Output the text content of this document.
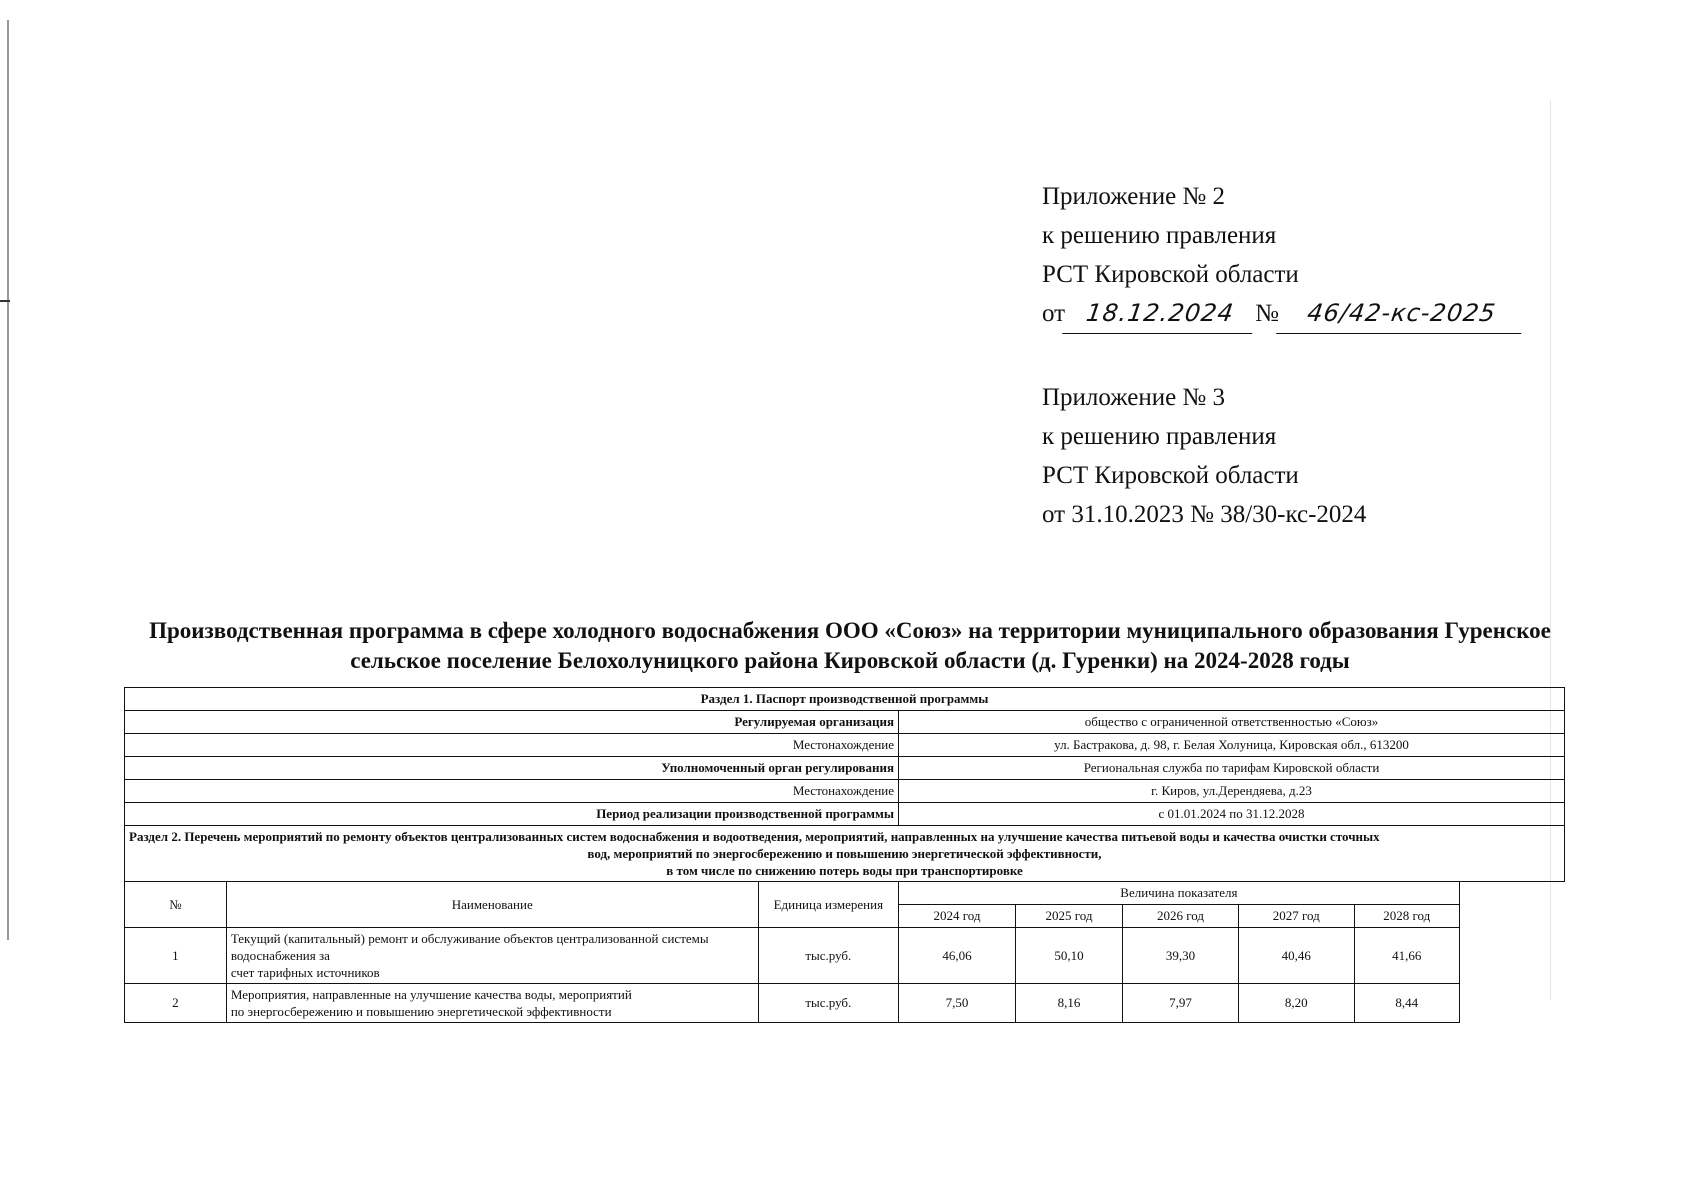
Приложение № 2
к решению правления
РСТ Кировской области
от 18.12.2024 № 46/42-кс-2025
Приложение № 3
к решению правления
РСТ Кировской области
от 31.10.2023 № 38/30-кс-2024
Производственная программа в сфере холодного водоснабжения ООО «Союз» на территории муниципального образования Гуренское
сельское поселение Белохолуницкого района Кировской области (д. Гуренки) на 2024-2028 годы
Раздел 1. Паспорт производственной программы								
Регулируемая организация			общество с ограниченной ответственностью «Союз»					
Местонахождение			ул. Бастракова, д. 98, г. Белая Холуница, Кировская обл., 613200					
Уполномоченный орган регулирования			Региональная служба по тарифам Кировской области					
Местонахождение			г. Киров, ул.Дерендяева, д.23					
Период реализации производственной программы			с 01.01.2024 по 31.12.2028					

Раздел 2. Перечень мероприятий по ремонту объектов централизованных систем водоснабжения и водоотведения, мероприятий, направленных на улучшение качества питьевой воды и качества очистки сточных
вод, мероприятий по энергосбережению и повышению энергетической эффективности,
в том числе по снижению потерь воды при транспортировке								

№	Наименование	Единица измерения	Величина показателя					
			2024 год	2025 год	2026 год	2027 год	2028 год	
1	Текущий (капитальный) ремонт и обслуживание объектов централизованной системы водоснабжения за
счет тарифных источников	тыс.руб.	46,06	50,10	39,30	40,46	41,66	
2	Мероприятия, направленные на улучшение качества воды, мероприятий
по энергосбережению и повышению энергетической эффективности	тыс.руб.	7,50	8,16	7,97	8,20	8,44	
